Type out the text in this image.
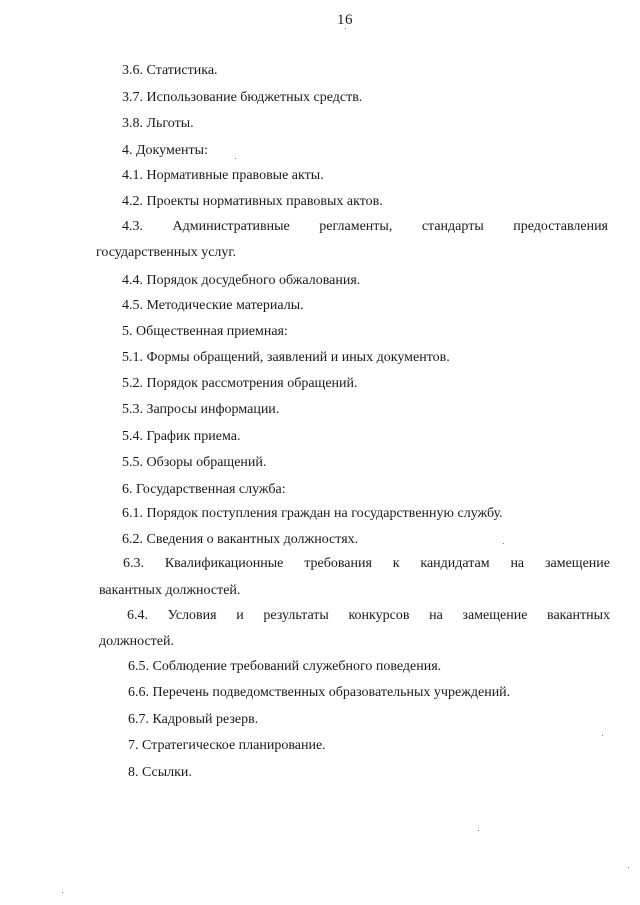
16
3.6. Статистика.
3.7. Использование бюджетных средств.
3.8. Льготы.
4. Документы:
4.1. Нормативные правовые акты.
4.2. Проекты нормативных правовых актов.
4.3. Административные регламенты, стандарты предоставления
государственных услуг.
4.4. Порядок досудебного обжалования.
4.5. Методические материалы.
5. Общественная приемная:
5.1. Формы обращений, заявлений и иных документов.
5.2. Порядок рассмотрения обращений.
5.3. Запросы информации.
5.4. График приема.
5.5. Обзоры обращений.
6. Государственная служба:
6.1. Порядок поступления граждан на государственную службу.
6.2. Сведения о вакантных должностях.
6.3. Квалификационные требования к кандидатам на замещение
вакантных должностей.
6.4. Условия и результаты конкурсов на замещение вакантных
должностей.
6.5. Соблюдение требований служебного поведения.
6.6. Перечень подведомственных образовательных учреждений.
6.7. Кадровый резерв.
7. Стратегическое планирование.
8. Ссылки.
